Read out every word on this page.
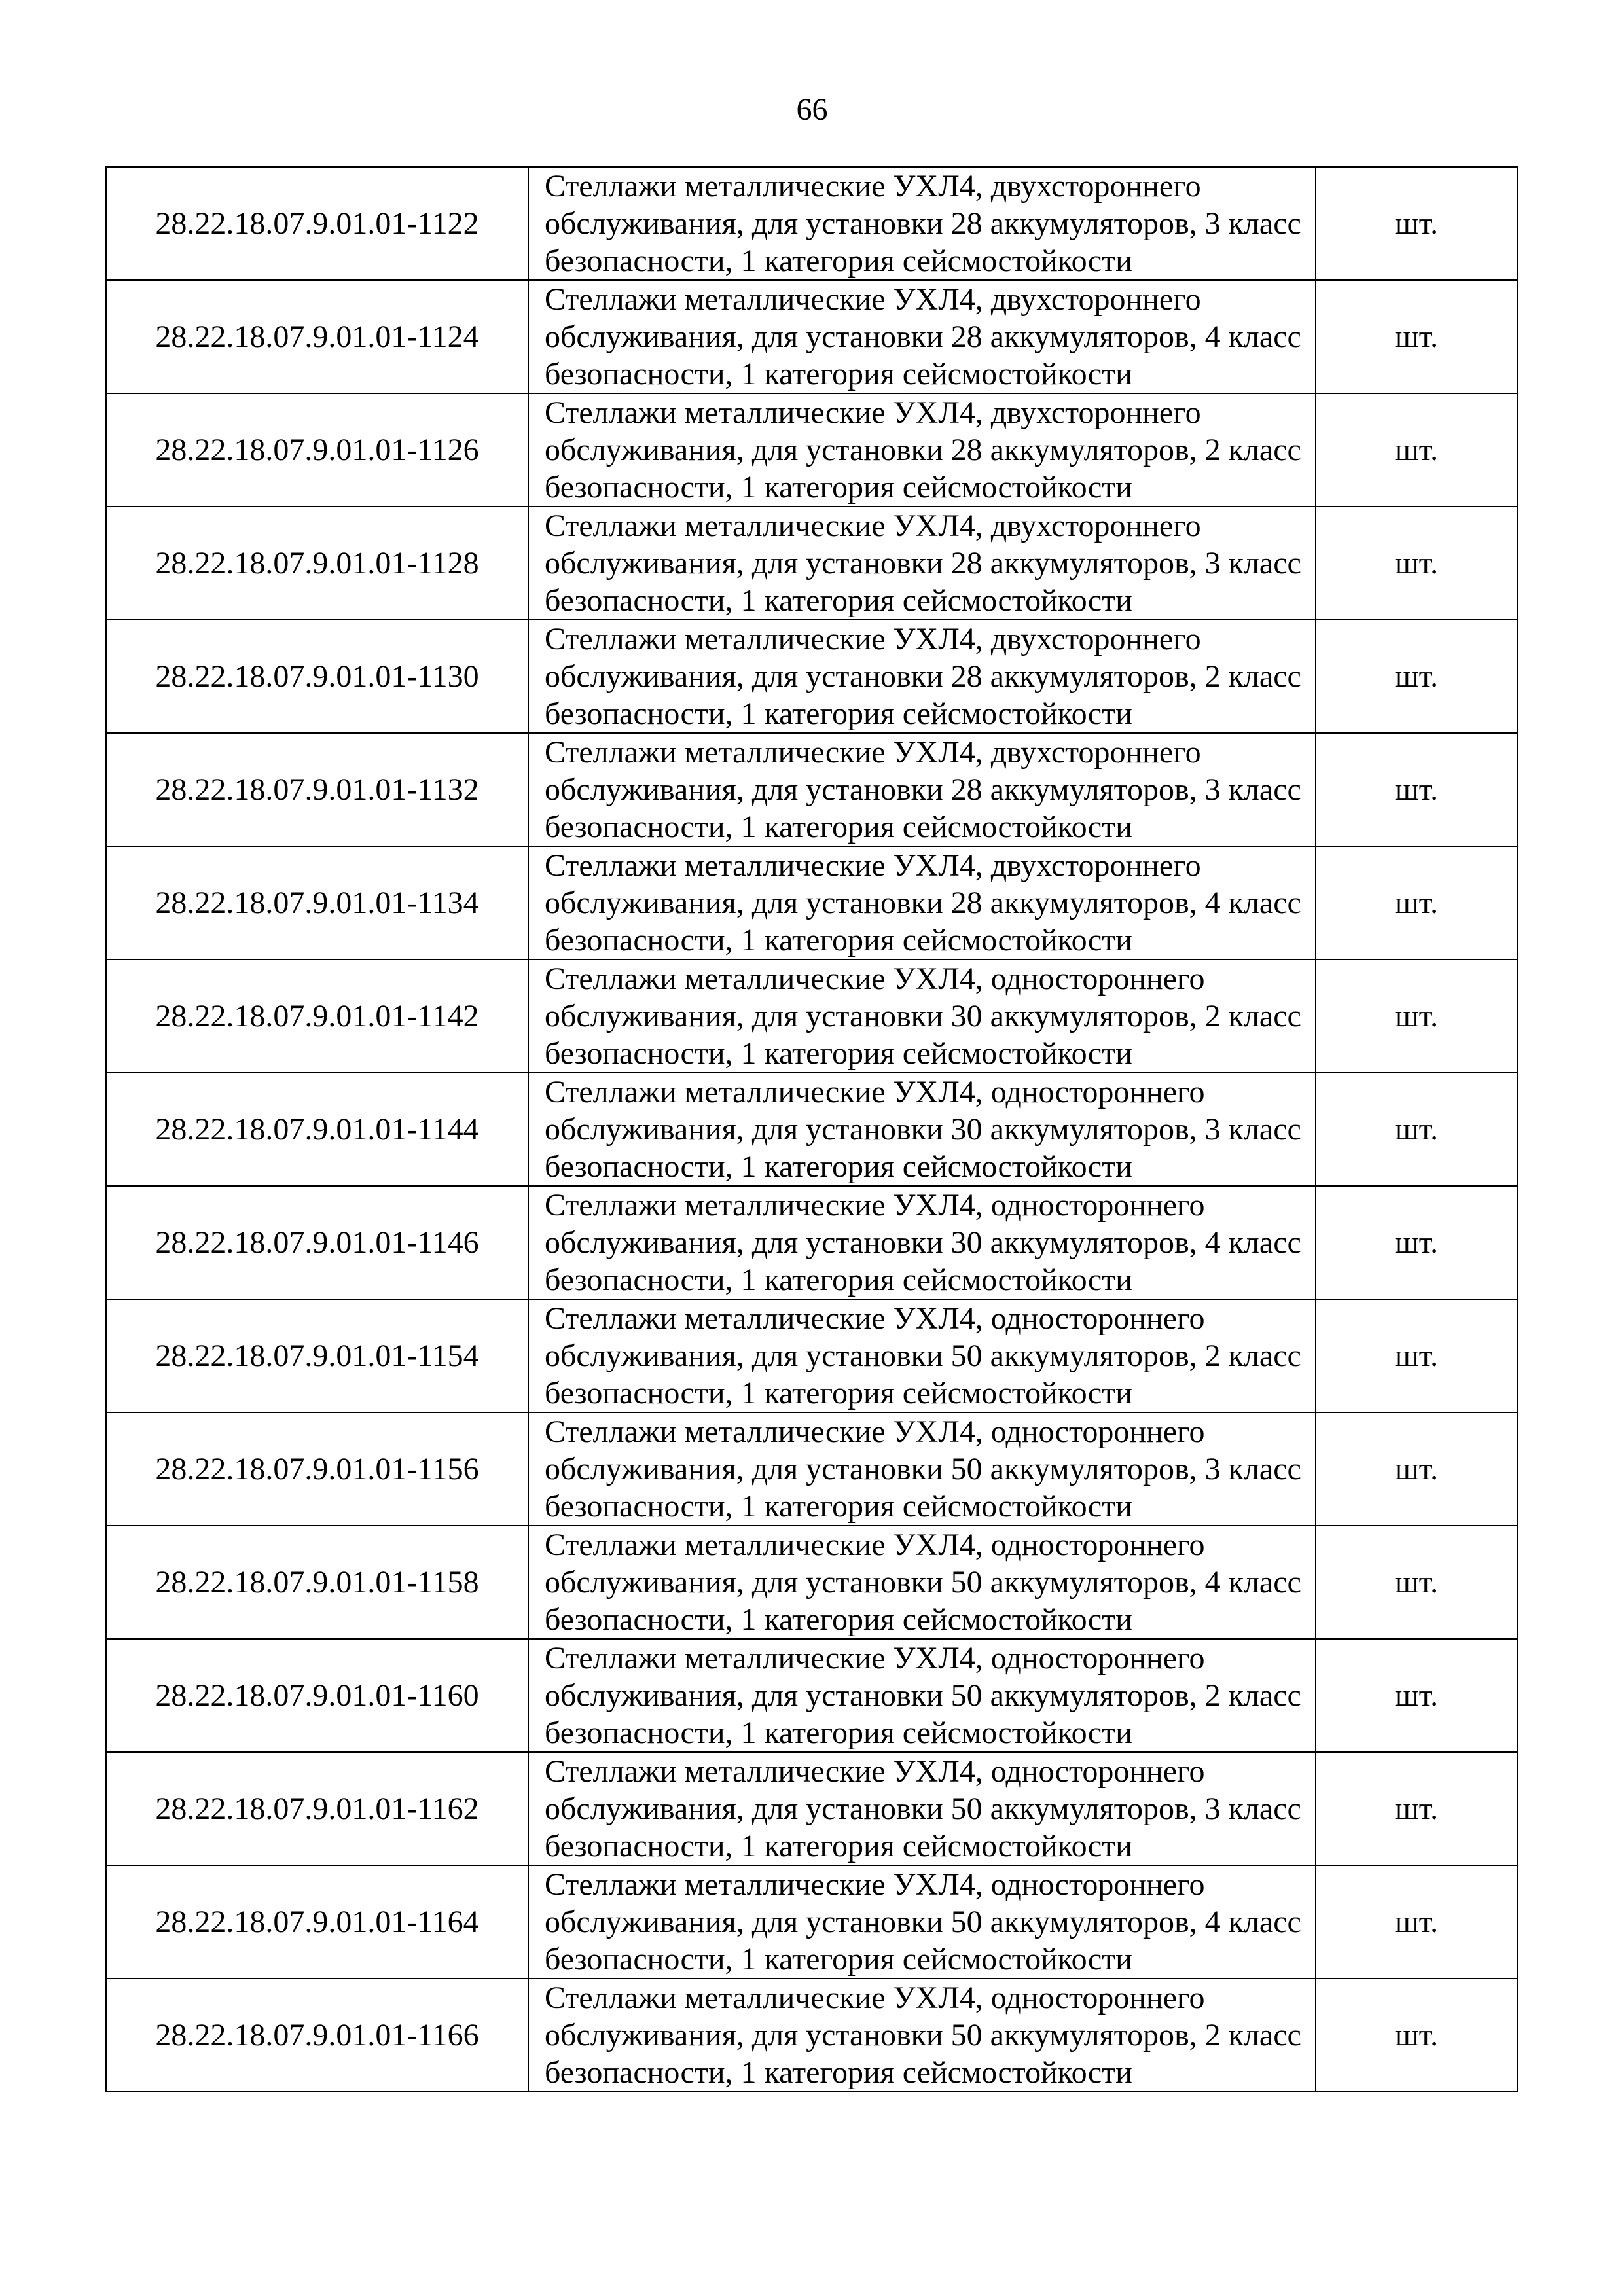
66
28.22.18.07.9.01.01-1122	Стеллажи металлические УХЛ4, двухстороннего обслуживания, для установки 28 аккумуляторов, 3 класс безопасности, 1 категория сейсмостойкости	шт.
28.22.18.07.9.01.01-1124	Стеллажи металлические УХЛ4, двухстороннего обслуживания, для установки 28 аккумуляторов, 4 класс безопасности, 1 категория сейсмостойкости	шт.
28.22.18.07.9.01.01-1126	Стеллажи металлические УХЛ4, двухстороннего обслуживания, для установки 28 аккумуляторов, 2 класс безопасности, 1 категория сейсмостойкости	шт.
28.22.18.07.9.01.01-1128	Стеллажи металлические УХЛ4, двухстороннего обслуживания, для установки 28 аккумуляторов, 3 класс безопасности, 1 категория сейсмостойкости	шт.
28.22.18.07.9.01.01-1130	Стеллажи металлические УХЛ4, двухстороннего обслуживания, для установки 28 аккумуляторов, 2 класс безопасности, 1 категория сейсмостойкости	шт.
28.22.18.07.9.01.01-1132	Стеллажи металлические УХЛ4, двухстороннего обслуживания, для установки 28 аккумуляторов, 3 класс безопасности, 1 категория сейсмостойкости	шт.
28.22.18.07.9.01.01-1134	Стеллажи металлические УХЛ4, двухстороннего обслуживания, для установки 28 аккумуляторов, 4 класс безопасности, 1 категория сейсмостойкости	шт.
28.22.18.07.9.01.01-1142	Стеллажи металлические УХЛ4, одностороннего обслуживания, для установки 30 аккумуляторов, 2 класс безопасности, 1 категория сейсмостойкости	шт.
28.22.18.07.9.01.01-1144	Стеллажи металлические УХЛ4, одностороннего обслуживания, для установки 30 аккумуляторов, 3 класс безопасности, 1 категория сейсмостойкости	шт.
28.22.18.07.9.01.01-1146	Стеллажи металлические УХЛ4, одностороннего обслуживания, для установки 30 аккумуляторов, 4 класс безопасности, 1 категория сейсмостойкости	шт.
28.22.18.07.9.01.01-1154	Стеллажи металлические УХЛ4, одностороннего обслуживания, для установки 50 аккумуляторов, 2 класс безопасности, 1 категория сейсмостойкости	шт.
28.22.18.07.9.01.01-1156	Стеллажи металлические УХЛ4, одностороннего обслуживания, для установки 50 аккумуляторов, 3 класс безопасности, 1 категория сейсмостойкости	шт.
28.22.18.07.9.01.01-1158	Стеллажи металлические УХЛ4, одностороннего обслуживания, для установки 50 аккумуляторов, 4 класс безопасности, 1 категория сейсмостойкости	шт.
28.22.18.07.9.01.01-1160	Стеллажи металлические УХЛ4, одностороннего обслуживания, для установки 50 аккумуляторов, 2 класс безопасности, 1 категория сейсмостойкости	шт.
28.22.18.07.9.01.01-1162	Стеллажи металлические УХЛ4, одностороннего обслуживания, для установки 50 аккумуляторов, 3 класс безопасности, 1 категория сейсмостойкости	шт.
28.22.18.07.9.01.01-1164	Стеллажи металлические УХЛ4, одностороннего обслуживания, для установки 50 аккумуляторов, 4 класс безопасности, 1 категория сейсмостойкости	шт.
28.22.18.07.9.01.01-1166	Стеллажи металлические УХЛ4, одностороннего обслуживания, для установки 50 аккумуляторов, 2 класс безопасности, 1 категория сейсмостойкости	шт.
